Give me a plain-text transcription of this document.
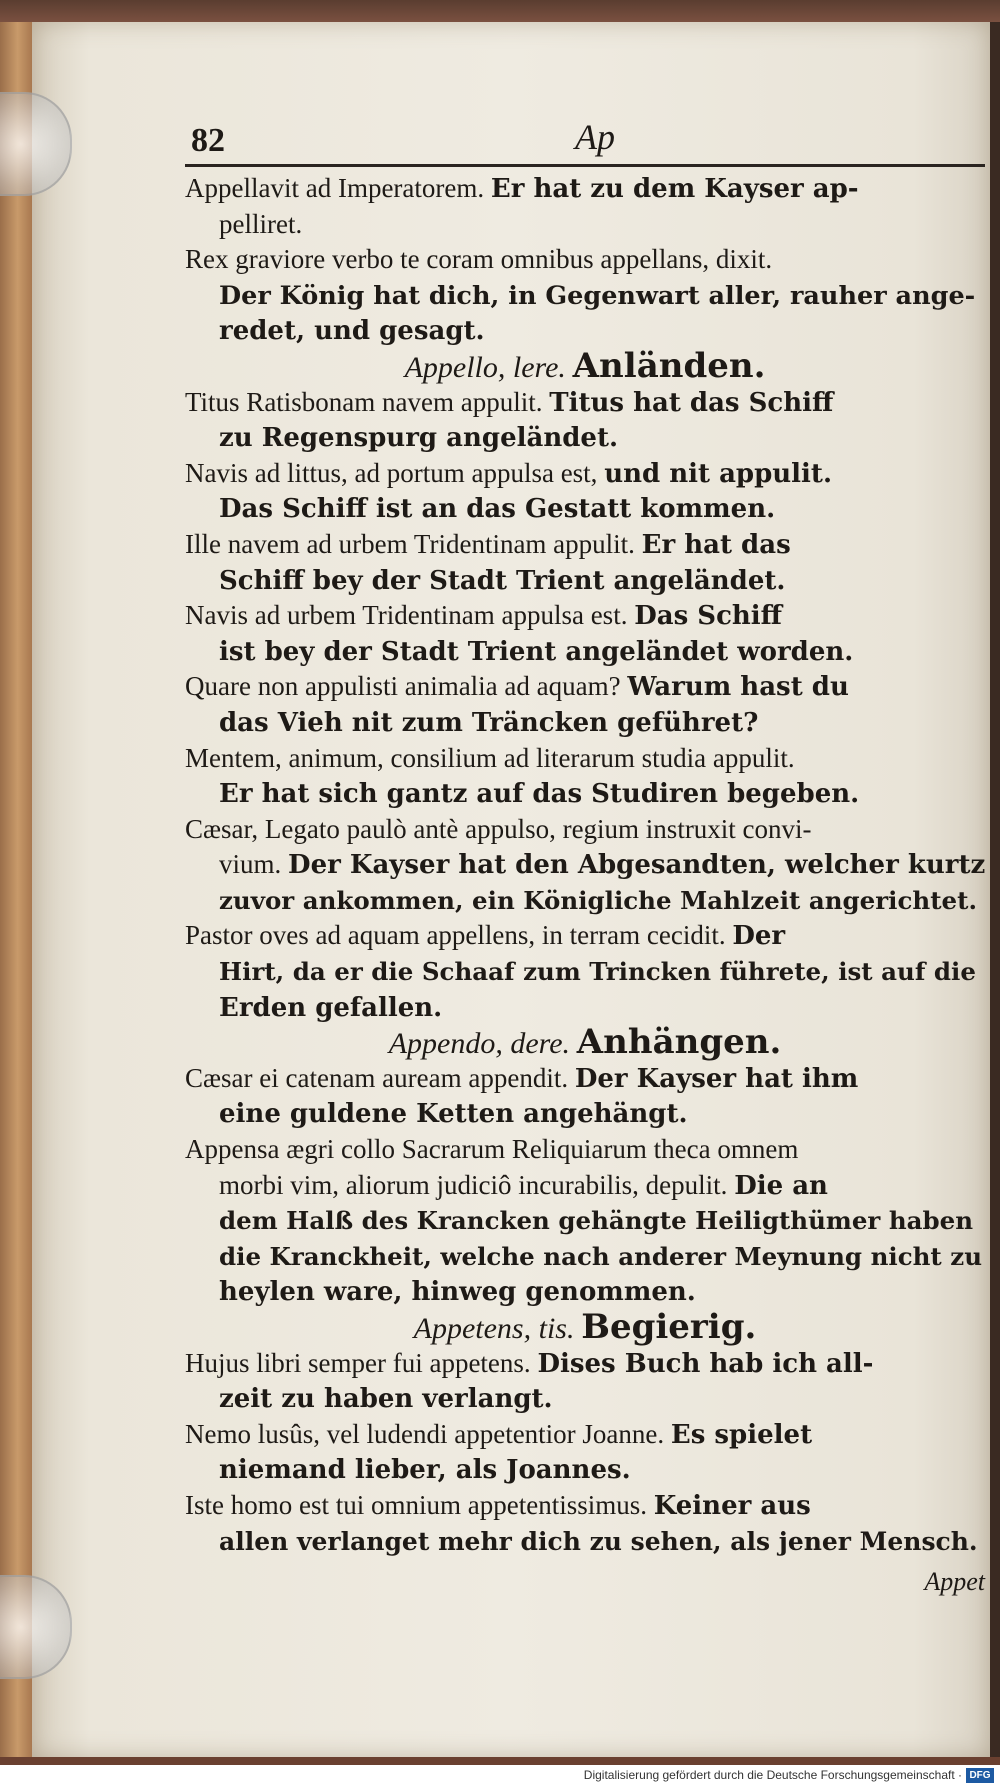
82	Ap
Appellavit ad Imperatorem. Er hat zu dem Kayser ap-
pelliret.
Rex graviore verbo te coram omnibus appellans, dixit.
Der König hat dich, in Gegenwart aller, rauher ange-
redet, und gesagt.
Appello, lere. Anländen.
Titus Ratisbonam navem appulit. Titus hat das Schiff
zu Regenspurg angeländet.
Navis ad littus, ad portum appulsa est, und nit appulit.
Das Schiff ist an das Gestatt kommen.
Ille navem ad urbem Tridentinam appulit. Er hat das
Schiff bey der Stadt Trient angeländet.
Navis ad urbem Tridentinam appulsa est. Das Schiff
ist bey der Stadt Trient angeländet worden.
Quare non appulisti animalia ad aquam? Warum hast du
das Vieh nit zum Träncken geführet?
Mentem, animum, consilium ad literarum studia appulit.
Er hat sich gantz auf das Studiren begeben.
Cæsar, Legato paulò antè appulso, regium instruxit convi-
vium. Der Kayser hat den Abgesandten, welcher kurtz
zuvor ankommen, ein Königliche Mahlzeit angerichtet.
Pastor oves ad aquam appellens, in terram cecidit. Der
Hirt, da er die Schaaf zum Trincken führete, ist auf die
Erden gefallen.
Appendo, dere. Anhängen.
Cæsar ei catenam auream appendit. Der Kayser hat ihm
eine guldene Ketten angehängt.
Appensa ægri collo Sacrarum Reliquiarum theca omnem
morbi vim, aliorum judiciô incurabilis, depulit. Die an
dem Halß des Krancken gehängte Heiligthümer haben
die Kranckheit, welche nach anderer Meynung nicht zu
heylen ware, hinweg genommen.
Appetens, tis. Begierig.
Hujus libri semper fui appetens. Dises Buch hab ich all-
zeit zu haben verlangt.
Nemo lusûs, vel ludendi appetentior Joanne. Es spielet
niemand lieber, als Joannes.
Iste homo est tui omnium appetentissimus. Keiner aus
allen verlanget mehr dich zu sehen, als jener Mensch.
Appet
Digitalisierung gefördert durch die Deutsche Forschungsgemeinschaft · DFG
